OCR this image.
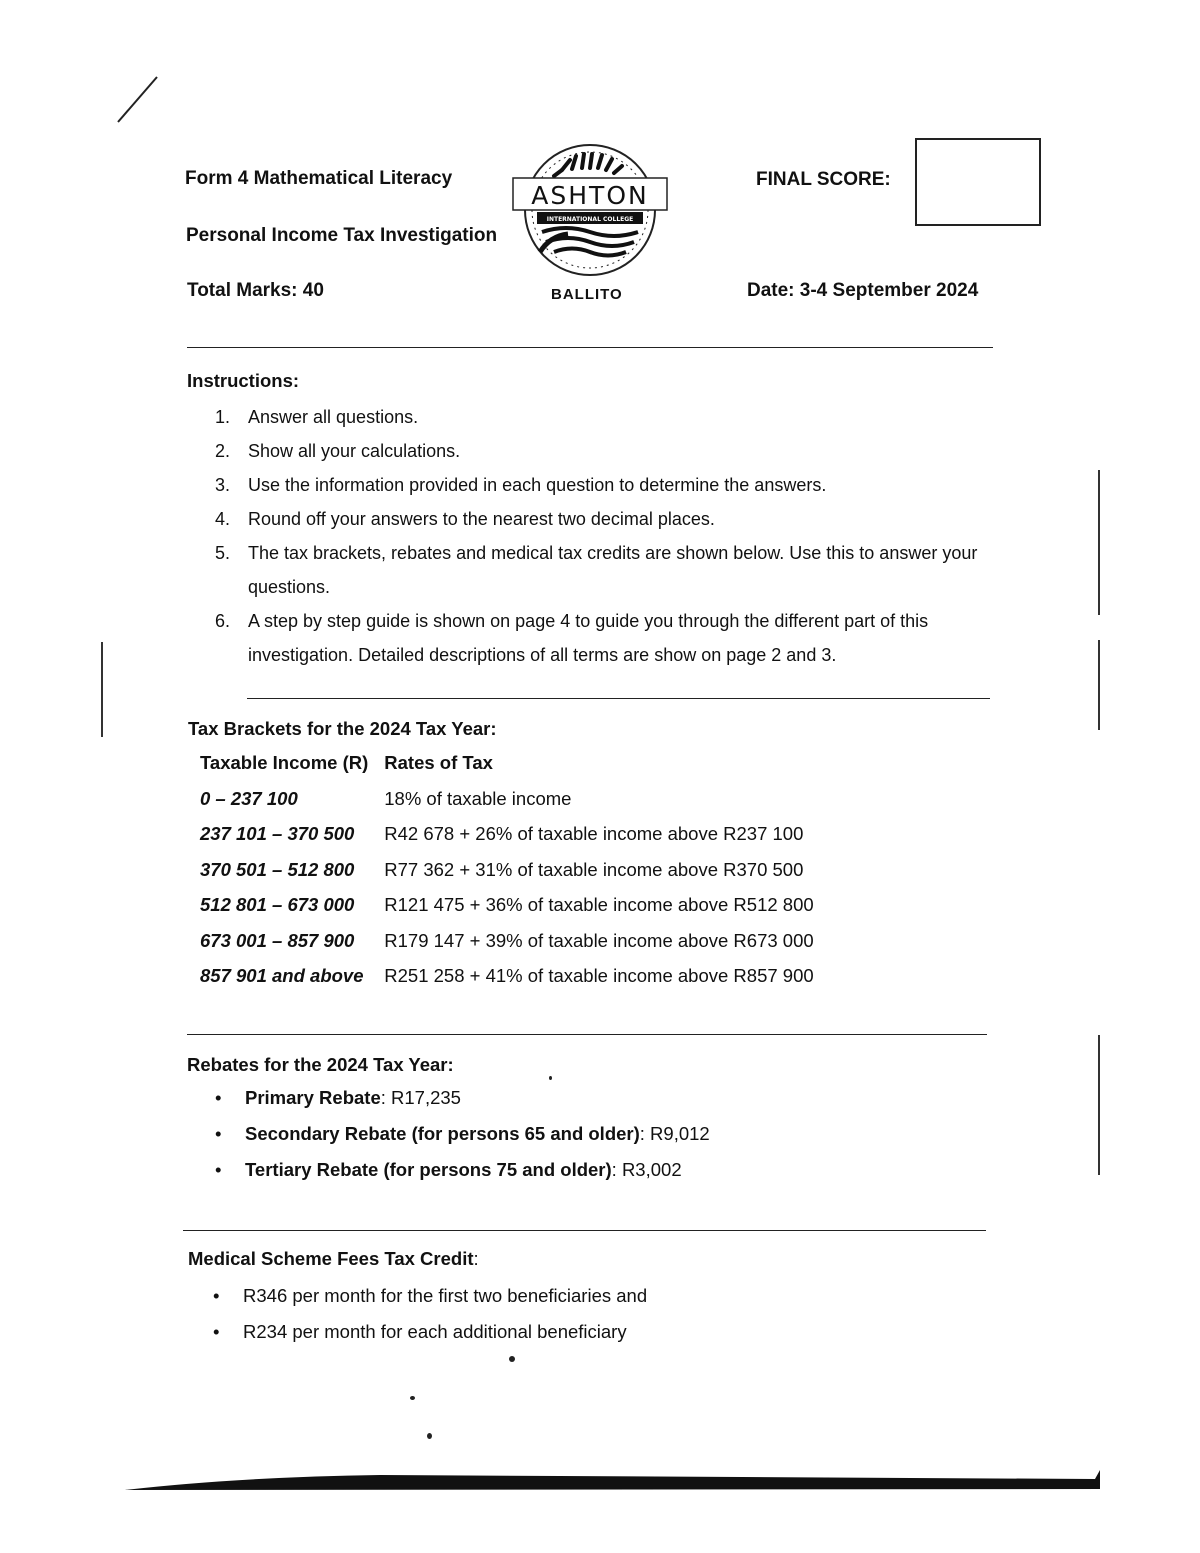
Form 4 Mathematical Literacy
Personal Income Tax Investigation
Total Marks: 40
ASHTON
INTERNATIONAL COLLEGE
BALLITO
FINAL SCORE:
Date: 3-4 September 2024
Instructions:
1. Answer all questions.
2. Show all your calculations.
3. Use the information provided in each question to determine the answers.
4. Round off your answers to the nearest two decimal places.
5. The tax brackets, rebates and medical tax credits are shown below. Use this to answer your questions.
6. A step by step guide is shown on page 4 to guide you through the different part of this investigation. Detailed descriptions of all terms are show on page 2 and 3.
Tax Brackets for the 2024 Tax Year:
Taxable Income (R)	Rates of Tax
0 – 237 100	18% of taxable income
237 101 – 370 500	R42 678 + 26% of taxable income above R237 100
370 501 – 512 800	R77 362 + 31% of taxable income above R370 500
512 801 – 673 000	R121 475 + 36% of taxable income above R512 800
673 001 – 857 900	R179 147 + 39% of taxable income above R673 000
857 901 and above	R251 258 + 41% of taxable income above R857 900
Rebates for the 2024 Tax Year:
•	Primary Rebate: R17,235
•	Secondary Rebate (for persons 65 and older): R9,012
•	Tertiary Rebate (for persons 75 and older): R3,002
Medical Scheme Fees Tax Credit:
•	R346 per month for the first two beneficiaries and
•	R234 per month for each additional beneficiary
